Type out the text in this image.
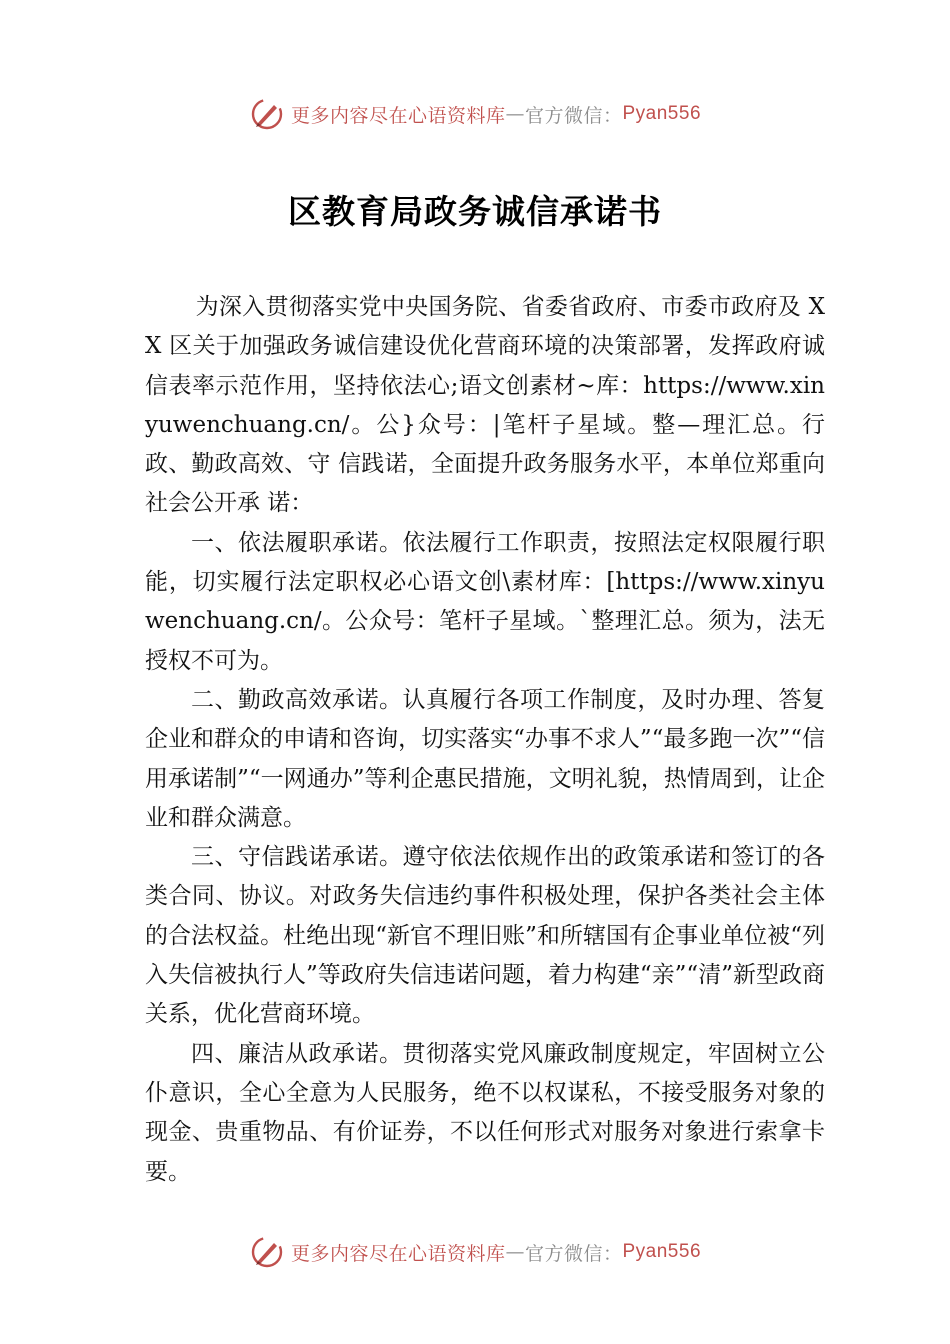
更多内容尽在心语资料库 — 官方微信： Pyan556
区教育局政务诚信承诺书

为深入贯彻落实党中央国务院、省委省政府、市委市政府及 XX 区关于加强政务诚信建设优化营商环境的决策部署，发挥政府诚信表率示范作用，坚持依法心;语文创素材~库：https://www.xinyuwenchuang.cn/。公}众号：|笔杆子星域。整—理汇总。行政、勤政高效、守 信践诺，全面提升政务服务水平，本单位郑重向社会公开承 诺：

一、依法履职承诺。依法履行工作职责，按照法定权限履行职能，切实履行法定职权必心语文创\素材库：[https://www.xinyuwenchuang.cn/。公众号：笔杆子星域。`整理汇总。须为，法无授权不可为。

二、勤政高效承诺。认真履行各项工作制度，及时办理、答复企业和群众的申请和咨询，切实落实“办事不求人”“最多跑一次”“信用承诺制”“一网通办”等利企惠民措施，文明礼貌，热情周到，让企业和群众满意。

三、守信践诺承诺。遵守依法依规作出的政策承诺和签订的各类合同、协议。对政务失信违约事件积极处理，保护各类社会主体的合法权益。杜绝出现“新官不理旧账”和所辖国有企事业单位被“列入失信被执行人”等政府失信违诺问题，着力构建“亲”“清”新型政商关系，优化营商环境。

四、廉洁从政承诺。贯彻落实党风廉政制度规定，牢固树立公仆意识，全心全意为人民服务，绝不以权谋私，不接受服务对象的现金、贵重物品、有价证券，不以任何形式对服务对象进行索拿卡要。

更多内容尽在心语资料库 — 官方微信： Pyan556
